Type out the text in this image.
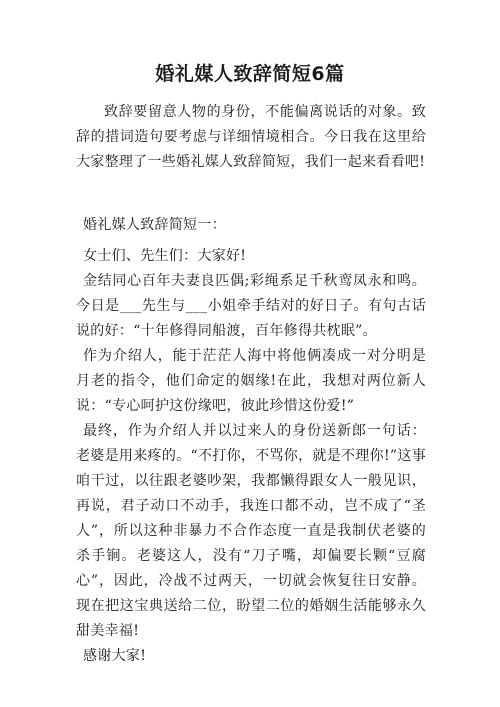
婚礼媒人致辞简短6篇

致辞要留意人物的身份，不能偏离说话的对象。致辞的措词造句要考虑与详细情境相合。今日我在这里给大家整理了一些婚礼媒人致辞简短，我们一起来看看吧!

婚礼媒人致辞简短一：

女士们、先生们：大家好!

金结同心百年夫妻良匹偶;彩绳系足千秋鸾凤永和鸣。今日是___先生与___小姐牵手结对的好日子。有句古话说的好：“十年修得同船渡，百年修得共枕眠”。

作为介绍人，能于茫茫人海中将他俩凑成一对分明是月老的指令，他们命定的姻缘!在此，我想对两位新人说：“专心呵护这份缘吧，彼此珍惜这份爱!”

最终，作为介绍人并以过来人的身份送新郎一句话：老婆是用来疼的。“不打你，不骂你，就是不理你!”这事咱干过，以往跟老婆吵架，我都懒得跟女人一般见识，再说，君子动口不动手，我连口都不动，岂不成了“圣人”，所以这种非暴力不合作态度一直是我制伏老婆的杀手锏。老婆这人，没有“刀子嘴，却偏要长颗“豆腐心”，因此，冷战不过两天，一切就会恢复往日安静。现在把这宝典送给二位，盼望二位的婚姻生活能够永久甜美幸福!

感谢大家!
